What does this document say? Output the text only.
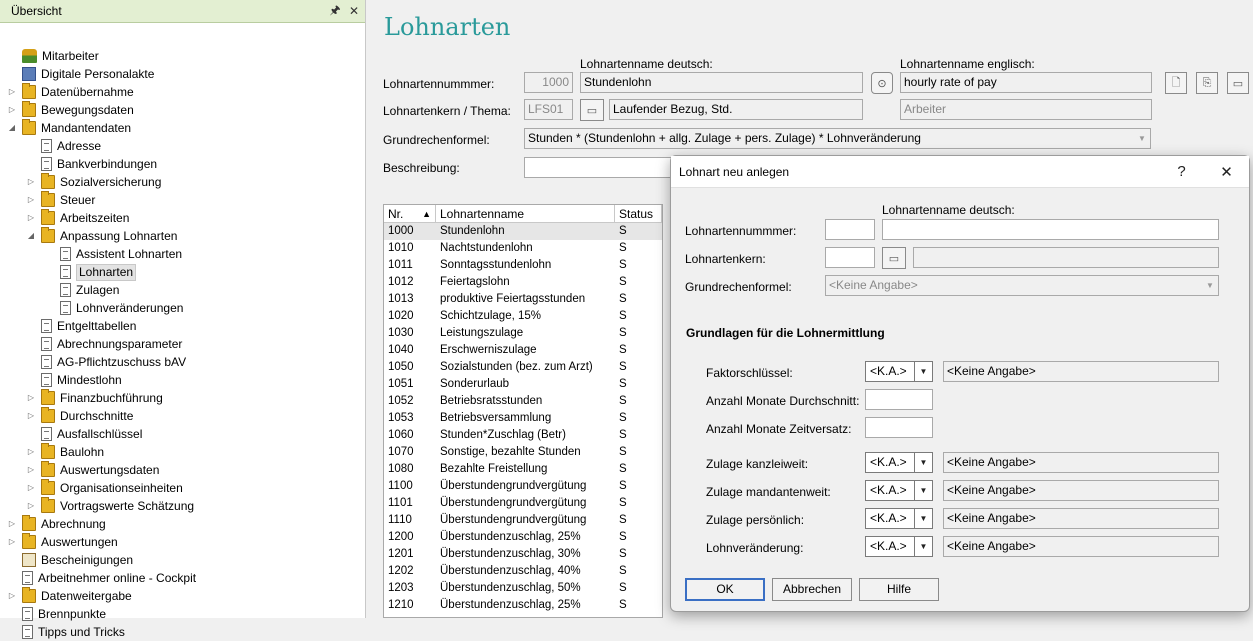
Übersicht	🖈 ✕
Mitarbeiter
Digitale Personalakte
▷ Datenübernahme
▷ Bewegungsdaten
◢ Mandantendaten
Adresse
Bankverbindungen
▷ Sozialversicherung
▷ Steuer
▷ Arbeitszeiten
◢ Anpassung Lohnarten
Assistent Lohnarten
Lohnarten
Zulagen
Lohnveränderungen
Entgelttabellen
Abrechnungsparameter
AG-Pflichtzuschuss bAV
Mindestlohn
▷ Finanzbuchführung
▷ Durchschnitte
Ausfallschlüssel
▷ Baulohn
▷ Auswertungsdaten
▷ Organisationseinheiten
▷ Vortragswerte Schätzung
▷ Abrechnung
▷ Auswertungen
Bescheinigungen
Arbeitnehmer online - Cockpit
▷ Datenweitergabe
Brennpunkte
Tipps und Tricks
Lohnarten
Lohnartenname deutsch:	Lohnartenname englisch:
Lohnartennummmer:	1000	Stundenlohn	⊙	hourly rate of pay	🗋	⎘	▭
Lohnartenkern / Thema:	LFS01	▭	Laufender Bezug, Std.	Arbeiter
Grundrechenformel:	Stunden * (Stundenlohn + allg. Zulage + pers. Zulage) * Lohnveränderung	▼
Beschreibung:
Nr. ▲ Lohnartenname	Status
1000	Stundenlohn	S
1010	Nachtstundenlohn	S
1011	Sonntagsstundenlohn	S
1012	Feiertagslohn	S
1013	produktive Feiertagsstunden	S
1020	Schichtzulage, 15%	S
1030	Leistungszulage	S
1040	Erschwerniszulage	S
1050	Sozialstunden (bez. zum Arzt)	S
1051	Sonderurlaub	S
1052	Betriebsratsstunden	S
1053	Betriebsversammlung	S
1060	Stunden*Zuschlag (Betr)	S
1070	Sonstige, bezahlte Stunden	S
1080	Bezahlte Freistellung	S
1100	Überstundengrundvergütung	S
1101	Überstundengrundvergütung	S
1110	Überstundengrundvergütung	S
1200	Überstundenzuschlag, 25%	S
1201	Überstundenzuschlag, 30%	S
1202	Überstundenzuschlag, 40%	S
1203	Überstundenzuschlag, 50%	S
1210	Überstundenzuschlag, 25%	S
Lohnart neu anlegen	?	✕
Lohnartenname deutsch:
Lohnartennummmer:
Lohnartenkern:	▭
Grundrechenformel:	<Keine Angabe>	▼
Grundlagen für die Lohnermittlung
Faktorschlüssel:	<K.A.>	▼	<Keine Angabe>
Anzahl Monate Durchschnitt:
Anzahl Monate Zeitversatz:
Zulage kanzleiweit:	<K.A.>	▼	<Keine Angabe>
Zulage mandantenweit:	<K.A.>	▼	<Keine Angabe>
Zulage persönlich:	<K.A.>	▼	<Keine Angabe>
Lohnveränderung:	<K.A.>	▼	<Keine Angabe>
OK	Abbrechen	Hilfe
